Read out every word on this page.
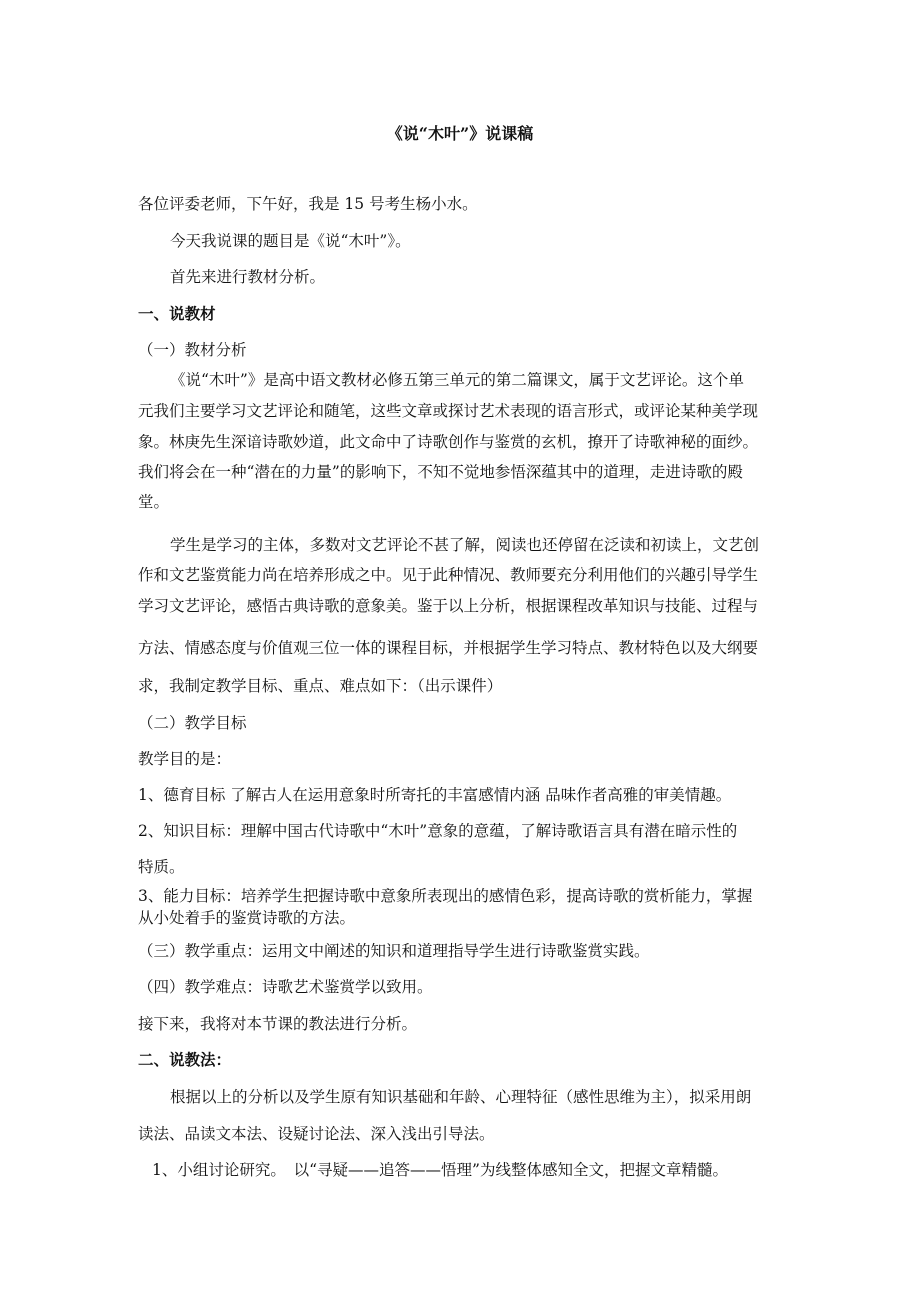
《说“木叶”》说课稿
各位评委老师，下午好，我是 15 号考生杨小水。
今天我说课的题目是《说“木叶”》。
首先来进行教材分析。
一、说教材
（一）教材分析
《说“木叶”》是高中语文教材必修五第三单元的第二篇课文，属于文艺评论。这个单
元我们主要学习文艺评论和随笔，这些文章或探讨艺术表现的语言形式，或评论某种美学现
象。林庚先生深谙诗歌妙道，此文命中了诗歌创作与鉴赏的玄机，撩开了诗歌神秘的面纱。
我们将会在一种“潜在的力量”的影响下，不知不觉地参悟深蕴其中的道理，走进诗歌的殿
堂。
学生是学习的主体，多数对文艺评论不甚了解，阅读也还停留在泛读和初读上，文艺创
作和文艺鉴赏能力尚在培养形成之中。见于此种情况、教师要充分利用他们的兴趣引导学生
学习文艺评论，感悟古典诗歌的意象美。鉴于以上分析，根据课程改革知识与技能、过程与
方法、情感态度与价值观三位一体的课程目标，并根据学生学习特点、教材特色以及大纲要
求，我制定教学目标、重点、难点如下：（出示课件）
（二）教学目标
教学目的是：
1、德育目标 了解古人在运用意象时所寄托的丰富感情内涵 品味作者高雅的审美情趣。
2、知识目标：理解中国古代诗歌中“木叶”意象的意蕴，了解诗歌语言具有潜在暗示性的
特质。
3、能力目标：培养学生把握诗歌中意象所表现出的感情色彩，提高诗歌的赏析能力，掌握
从小处着手的鉴赏诗歌的方法。
（三）教学重点：运用文中阐述的知识和道理指导学生进行诗歌鉴赏实践。
（四）教学难点：诗歌艺术鉴赏学以致用。
接下来，我将对本节课的教法进行分析。
二、说教法：
根据以上的分析以及学生原有知识基础和年龄、心理特征（感性思维为主），拟采用朗
读法、品读文本法、设疑讨论法、深入浅出引导法。
1、小组讨论研究。　以“寻疑——追答——悟理”为线整体感知全文，把握文章精髓。
